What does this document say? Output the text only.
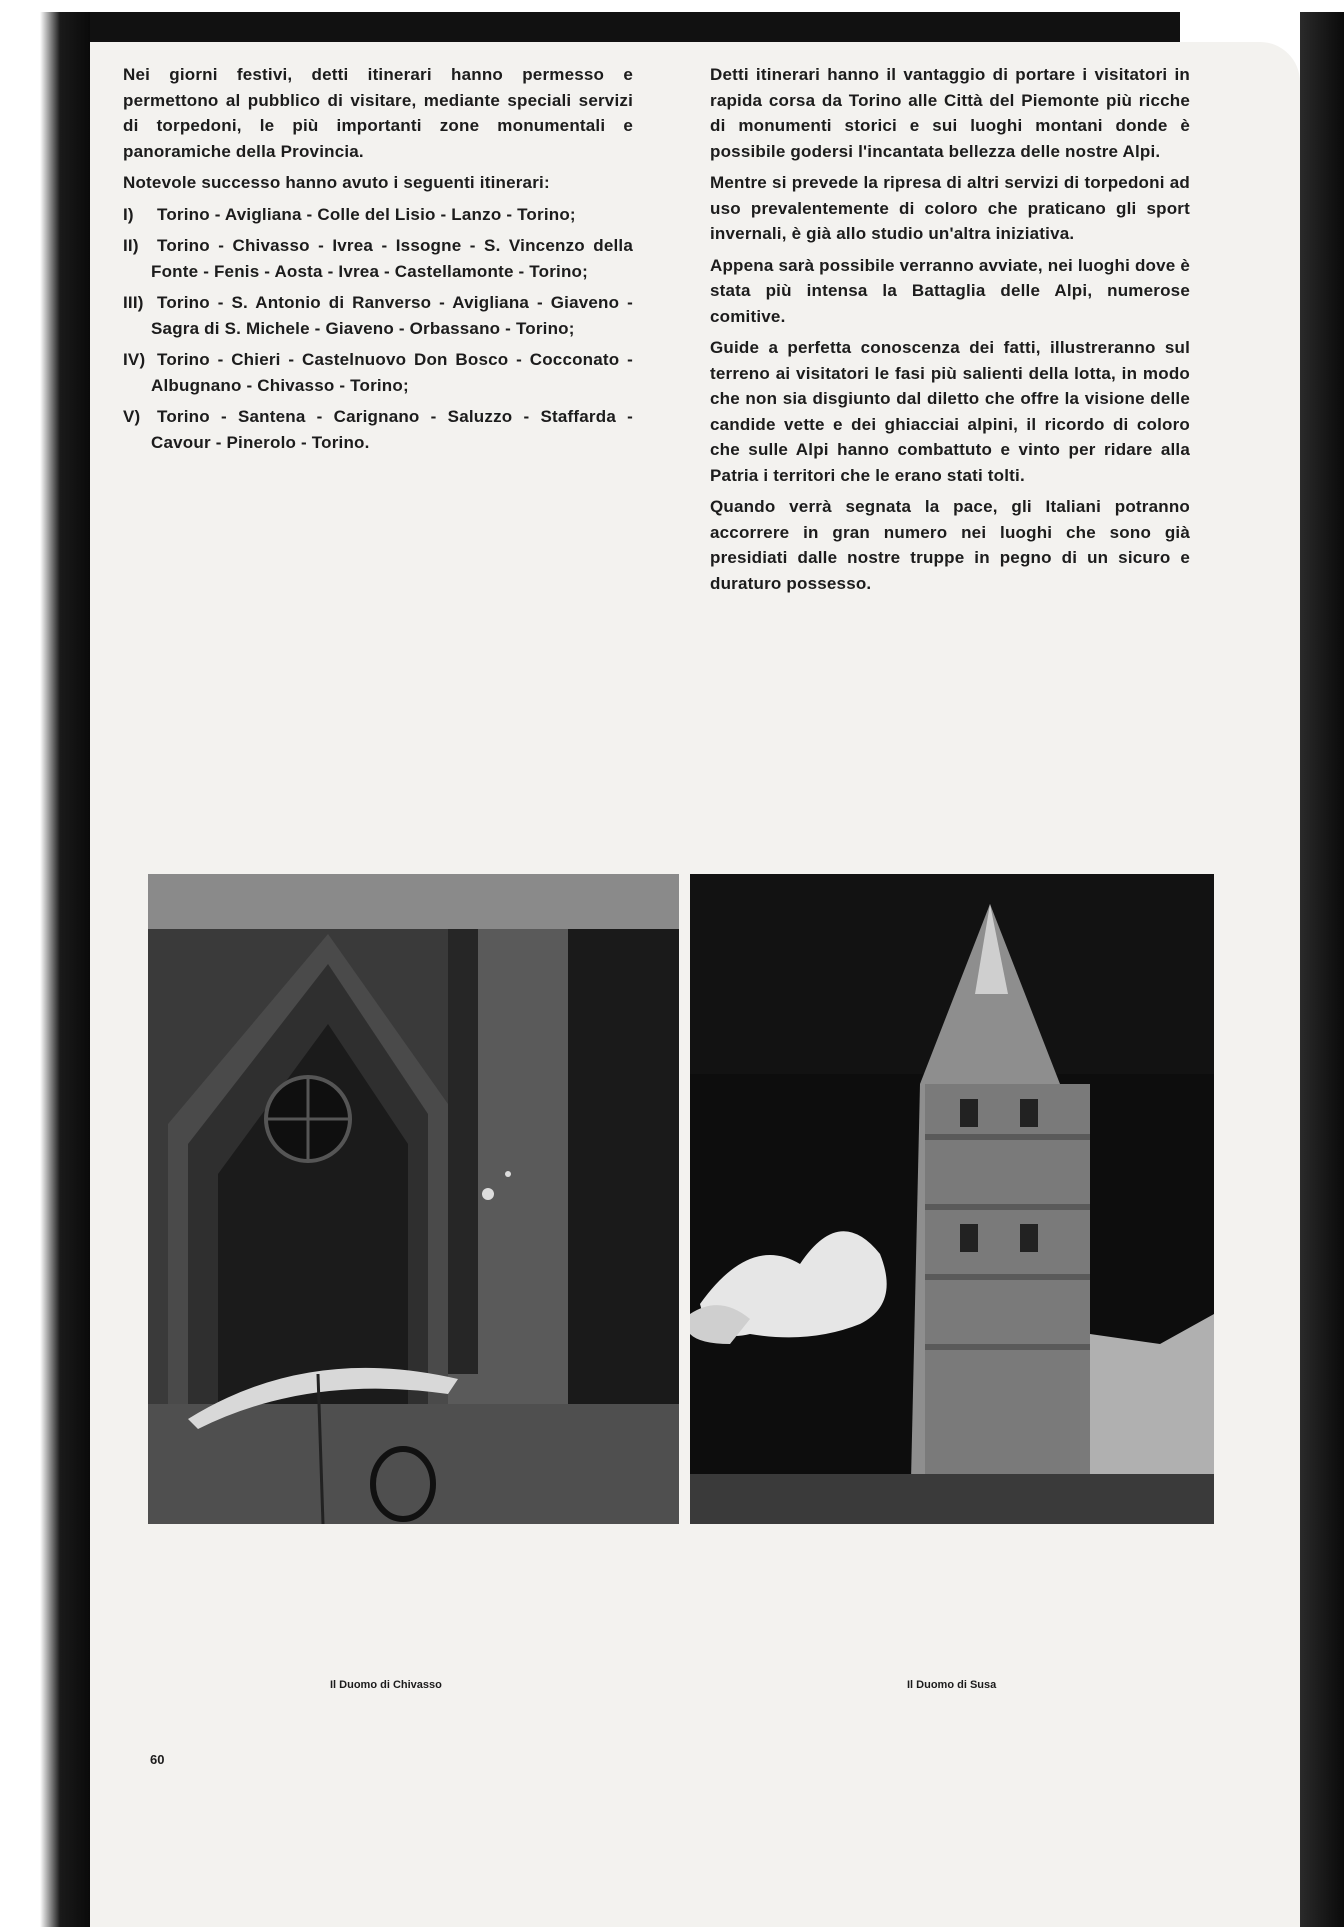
Nei giorni festivi, detti itinerari hanno permesso e permettono al pubblico di visitare, mediante speciali servizi di torpedoni, le più importanti zone monumentali e panoramiche della Provincia.

Notevole successo hanno avuto i seguenti itinerari:

I) Torino - Avigliana - Colle del Lisio - Lanzo - Torino;

II) Torino - Chivasso - Ivrea - Issogne - S. Vincenzo della Fonte - Fenis - Aosta - Ivrea - Castellamonte - Torino;

III) Torino - S. Antonio di Ranverso - Avigliana - Giaveno - Sagra di S. Michele - Giaveno - Orbassano - Torino;

IV) Torino - Chieri - Castelnuovo Don Bosco - Cocconato - Albugnano - Chivasso - Torino;

V) Torino - Santena - Carignano - Saluzzo - Staffarda - Cavour - Pinerolo - Torino.

Detti itinerari hanno il vantaggio di portare i visitatori in rapida corsa da Torino alle Città del Piemonte più ricche di monumenti storici e sui luoghi montani donde è possibile godersi l'incantata bellezza delle nostre Alpi.

Mentre si prevede la ripresa di altri servizi di torpedoni ad uso prevalentemente di coloro che praticano gli sport invernali, è già allo studio un'altra iniziativa.

Appena sarà possibile verranno avviate, nei luoghi dove è stata più intensa la Battaglia delle Alpi, numerose comitive.

Guide a perfetta conoscenza dei fatti, illustreranno sul terreno ai visitatori le fasi più salienti della lotta, in modo che non sia disgiunto dal diletto che offre la visione delle candide vette e dei ghiacciai alpini, il ricordo di coloro che sulle Alpi hanno combattuto e vinto per ridare alla Patria i territori che le erano stati tolti.

Quando verrà segnata la pace, gli Italiani potranno accorrere in gran numero nei luoghi che sono già presidiati dalle nostre truppe in pegno di un sicuro e duraturo possesso.

Il Duomo di Chivasso	Il Duomo di Susa
60
